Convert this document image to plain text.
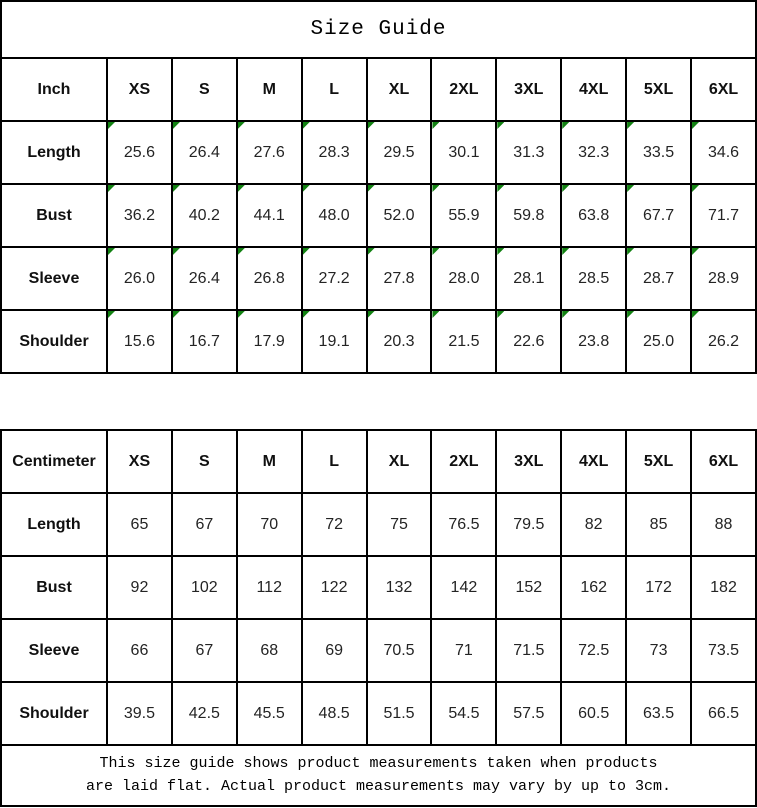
Size Guide
Inch	XS	S	M	L	XL	2XL	3XL	4XL	5XL	6XL
Length	25.6	26.4	27.6	28.3	29.5	30.1	31.3	32.3	33.5	34.6

Bust	36.2	40.2	44.1	48.0	52.0	55.9	59.8	63.8	67.7	71.7

Sleeve	26.0	26.4	26.8	27.2	27.8	28.0	28.1	28.5	28.7	28.9

Shoulder	15.6	16.7	17.9	19.1	20.3	21.5	22.6	23.8	25.0	26.2
Centimeter	XS	S	M	L	XL	2XL	3XL	4XL	5XL	6XL
Length	65	67	70	72	75	76.5	79.5	82	85	88
Bust	92	102	112	122	132	142	152	162	172	182
Sleeve	66	67	68	69	70.5	71	71.5	72.5	73	73.5
Shoulder	39.5	42.5	45.5	48.5	51.5	54.5	57.5	60.5	63.5	66.5
This size guide shows product measurements taken when products
are laid flat. Actual product measurements may vary by up to 3cm.
